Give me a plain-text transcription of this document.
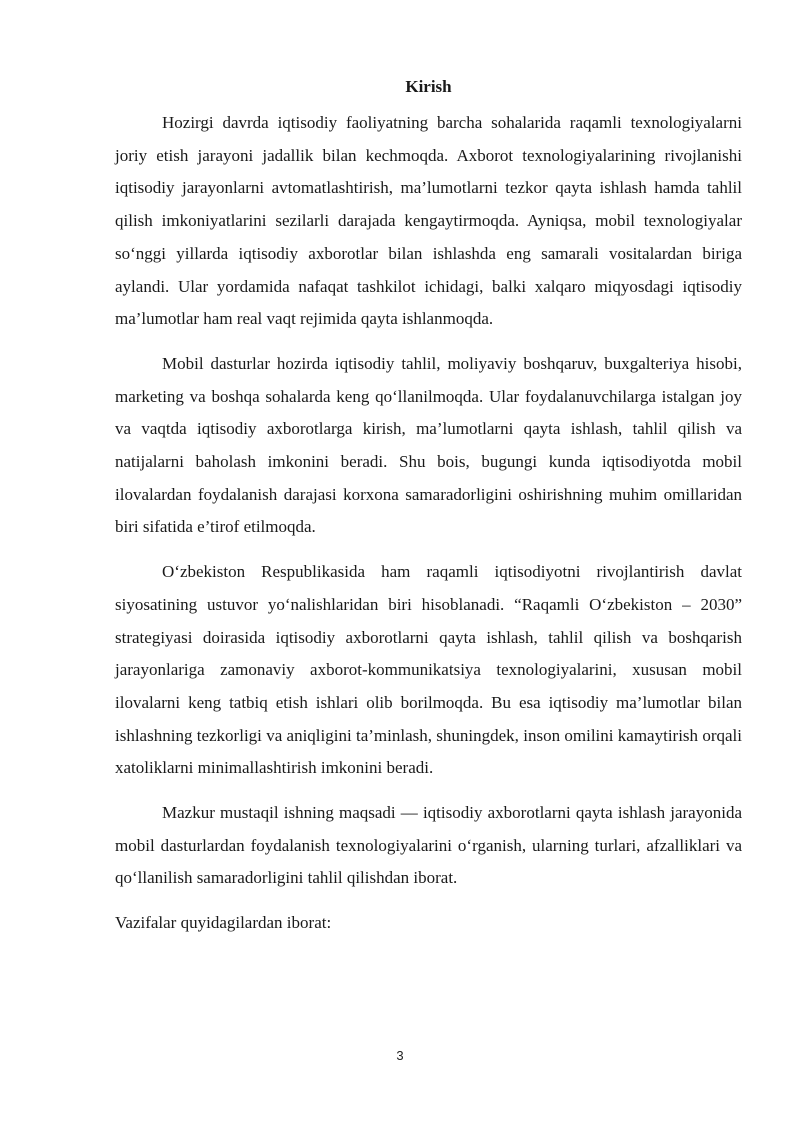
Kirish

Hozirgi davrda iqtisodiy faoliyatning barcha sohalarida raqamli texnologiyalarni joriy etish jarayoni jadallik bilan kechmoqda. Axborot texnologiyalarining rivojlanishi iqtisodiy jarayonlarni avtomatlashtirish, ma’lumotlarni tezkor qayta ishlash hamda tahlil qilish imkoniyatlarini sezilarli darajada kengaytirmoqda. Ayniqsa, mobil texnologiyalar so‘nggi yillarda iqtisodiy axborotlar bilan ishlashda eng samarali vositalardan biriga aylandi. Ular yordamida nafaqat tashkilot ichidagi, balki xalqaro miqyosdagi iqtisodiy ma’lumotlar ham real vaqt rejimida qayta ishlanmoqda.

Mobil dasturlar hozirda iqtisodiy tahlil, moliyaviy boshqaruv, buxgalteriya hisobi, marketing va boshqa sohalarda keng qo‘llanilmoqda. Ular foydalanuvchilarga istalgan joy va vaqtda iqtisodiy axborotlarga kirish, ma’lumotlarni qayta ishlash, tahlil qilish va natijalarni baholash imkonini beradi. Shu bois, bugungi kunda iqtisodiyotda mobil ilovalardan foydalanish darajasi korxona samaradorligini oshirishning muhim omillaridan biri sifatida e’tirof etilmoqda.

O‘zbekiston Respublikasida ham raqamli iqtisodiyotni rivojlantirish davlat siyosatining ustuvor yo‘nalishlaridan biri hisoblanadi. “Raqamli O‘zbekiston – 2030” strategiyasi doirasida iqtisodiy axborotlarni qayta ishlash, tahlil qilish va boshqarish jarayonlariga zamonaviy axborot-kommunikatsiya texnologiyalarini, xususan mobil ilovalarni keng tatbiq etish ishlari olib borilmoqda. Bu esa iqtisodiy ma’lumotlar bilan ishlashning tezkorligi va aniqligini ta’minlash, shuningdek, inson omilini kamaytirish orqali xatoliklarni minimallashtirish imkonini beradi.

Mazkur mustaqil ishning maqsadi — iqtisodiy axborotlarni qayta ishlash jarayonida mobil dasturlardan foydalanish texnologiyalarini o‘rganish, ularning turlari, afzalliklari va qo‘llanilish samaradorligini tahlil qilishdan iborat.

Vazifalar quyidagilardan iborat:

3
